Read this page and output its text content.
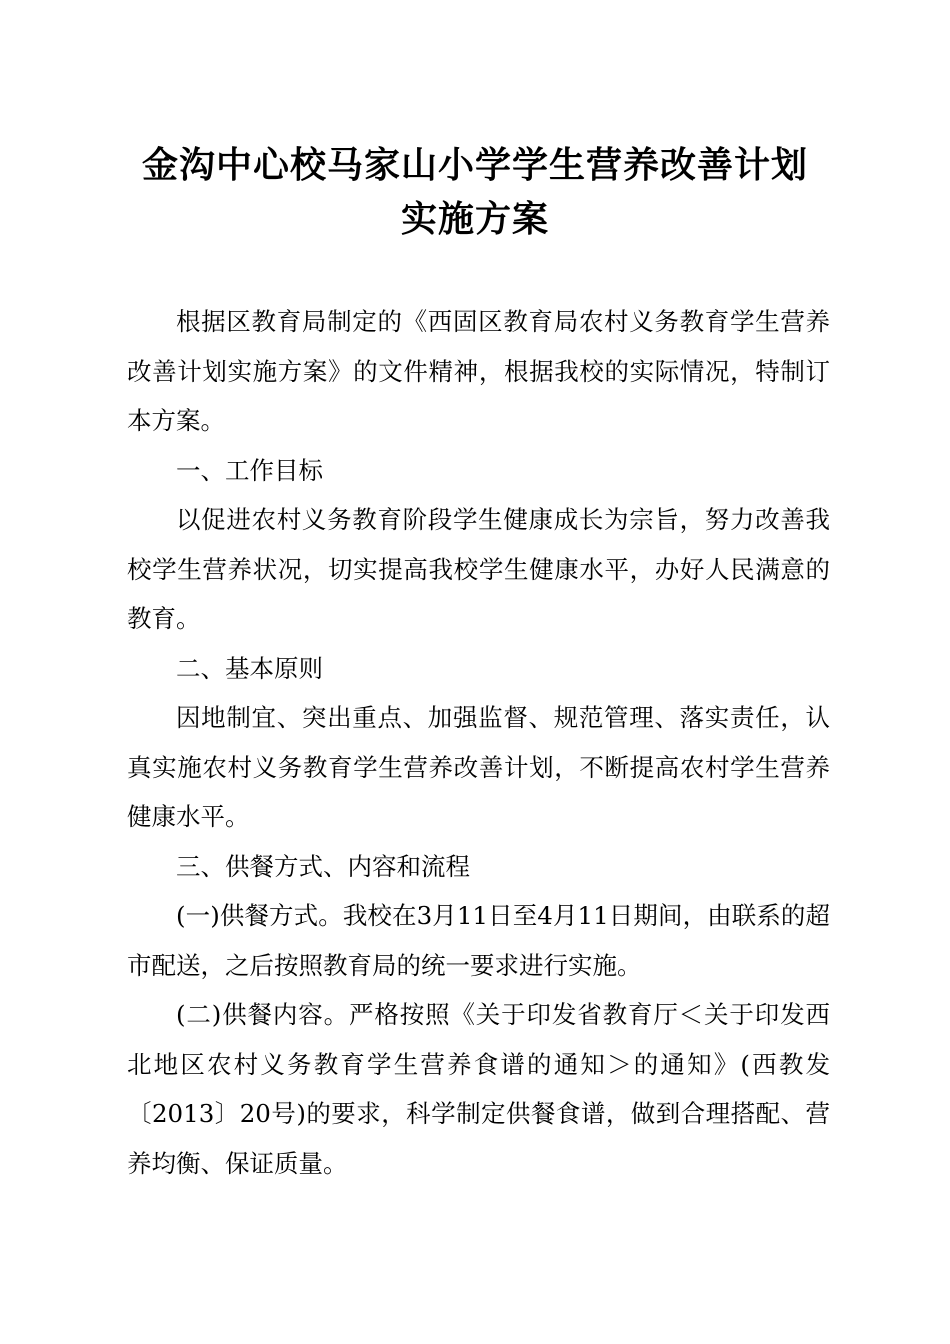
金沟中心校马家山小学学生营养改善计划
实施方案

根据区教育局制定的《西固区教育局农村义务教育学生营养改善计划实施方案》的文件精神，根据我校的实际情况，特制订本方案。

一、工作目标

以促进农村义务教育阶段学生健康成长为宗旨，努力改善我校学生营养状况，切实提高我校学生健康水平，办好人民满意的教育。

二、基本原则

因地制宜、突出重点、加强监督、规范管理、落实责任，认真实施农村义务教育学生营养改善计划，不断提高农村学生营养健康水平。

三、供餐方式、内容和流程

(一)供餐方式。我校在3月11日至4月11日期间，由联系的超市配送，之后按照教育局的统一要求进行实施。

(二)供餐内容。严格按照《关于印发省教育厅＜关于印发西北地区农村义务教育学生营养食谱的通知＞的通知》(西教发〔2013〕20号)的要求，科学制定供餐食谱，做到合理搭配、营养均衡、保证质量。
